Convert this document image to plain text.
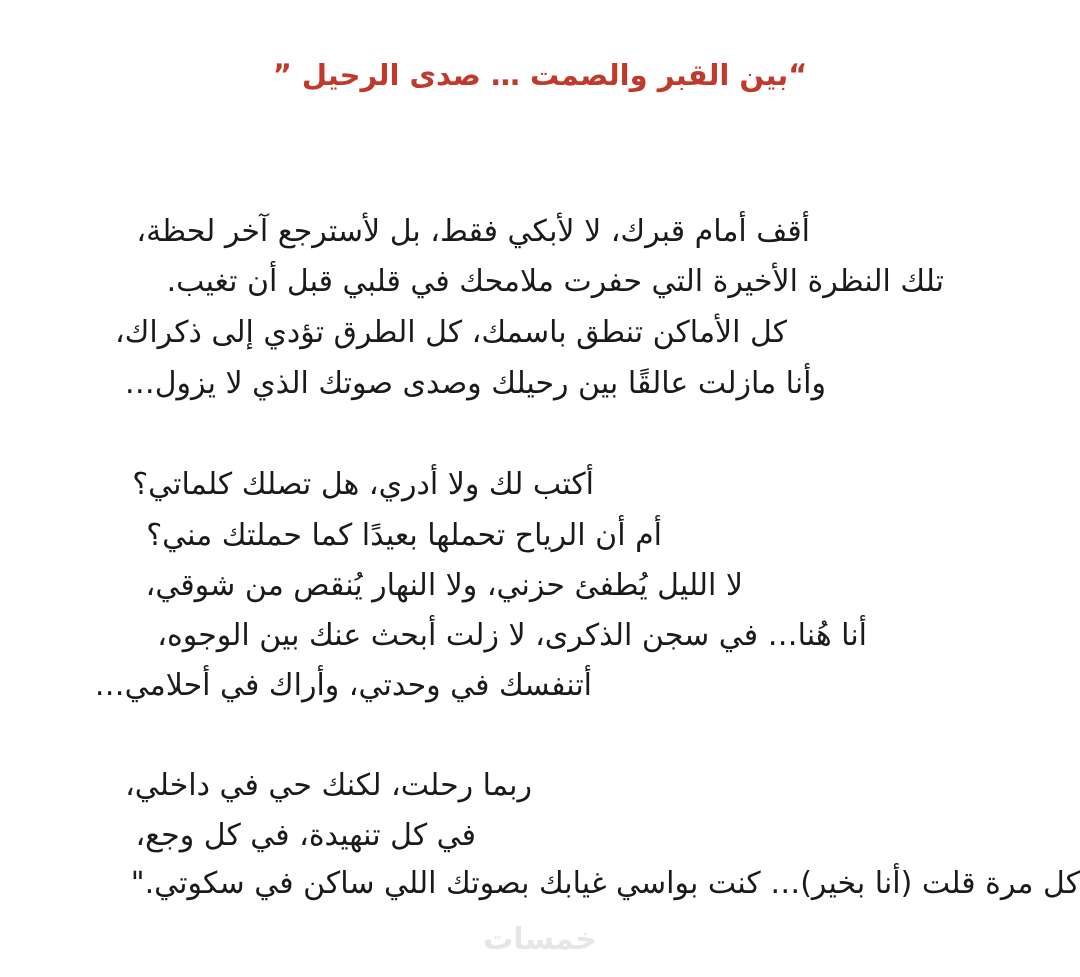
“بين القبر والصمت … صدى الرحيل ”
أقف أمام قبرك، لا لأبكي فقط، بل لأسترجع آخر لحظة،
تلك النظرة الأخيرة التي حفرت ملامحك في قلبي قبل أن تغيب.
كل الأماكن تنطق باسمك، كل الطرق تؤدي إلى ذكراك،
وأنا مازلت عالقًا بين رحيلك وصدى صوتك الذي لا يزول…
أكتب لك ولا أدري، هل تصلك كلماتي؟
أم أن الرياح تحملها بعيدًا كما حملتك مني؟
لا الليل يُطفئ حزني، ولا النهار يُنقص من شوقي،
أنا هُنا… في سجن الذكرى، لا زلت أبحث عنك بين الوجوه،
أتنفسك في وحدتي، وأراك في أحلامي…
ربما رحلت، لكنك حي في داخلي،
في كل تنهيدة، في كل وجع،
كل مرة قلت (أنا بخير)… كنت بواسي غيابك بصوتك اللي ساكن في سكوتي."
خمسات
